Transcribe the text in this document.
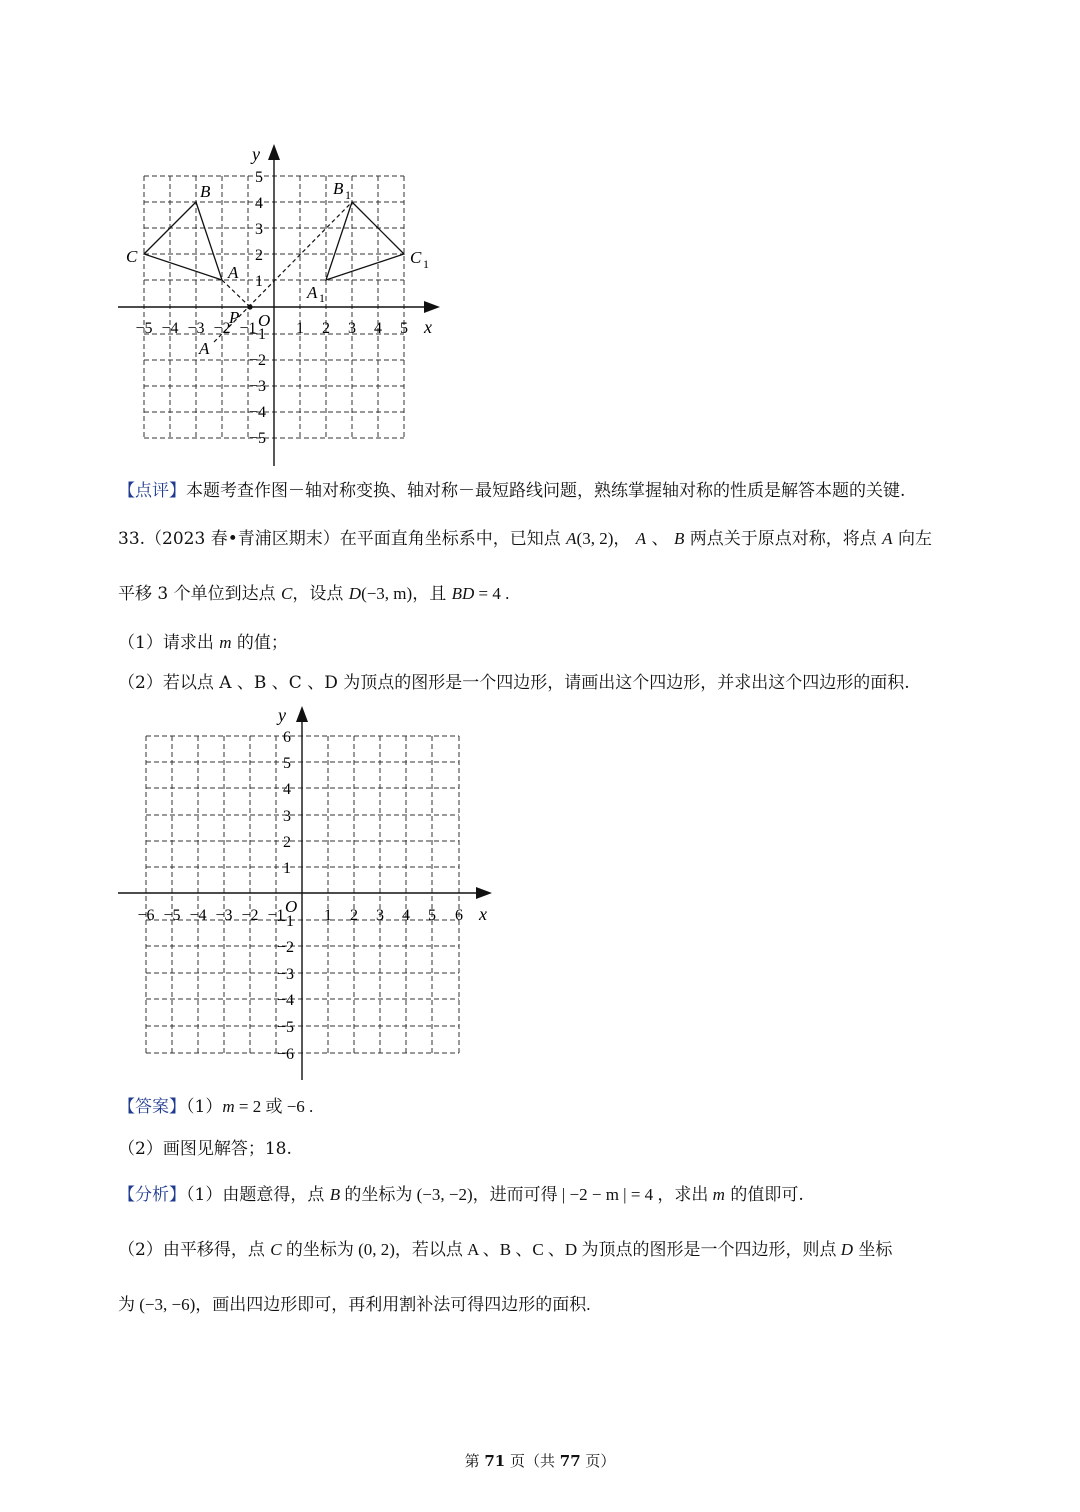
y
x
O
−5 −4 −3 −2 −1 1 2 3 4 5
5
4
3
2
1
−1
−2
−3
−4
−5
B
C
A
B 1
C 1
A 1
P
A
y
x
O
−6 −5 −4 −3 −2 −1 1 2 3 4 5 6
6
5
4
3
2
1
−1
−2
−3
−4
−5
−6
【点评】本题考查作图－轴对称变换、轴对称－最短路线问题，熟练掌握轴对称的性质是解答本题的关键.
33.（2023 春•青浦区期末）在平面直角坐标系中，已知点 A(3, 2)， A 、 B 两点关于原点对称，将点 A 向左
平移 3 个单位到达点 C，设点 D(−3, m)，且 BD = 4 .
（1）请求出 m 的值；
（2）若以点 A 、B 、C 、D 为顶点的图形是一个四边形，请画出这个四边形，并求出这个四边形的面积.
【答案】（1）m = 2 或 −6 .
（2）画图见解答；18.
【分析】（1）由题意得，点 B 的坐标为 (−3, −2)，进而可得 | −2 − m | = 4 ，求出 m 的值即可.
（2）由平移得，点 C 的坐标为 (0, 2)，若以点 A 、B 、C 、D 为顶点的图形是一个四边形，则点 D 坐标
为 (−3, −6)，画出四边形即可，再利用割补法可得四边形的面积.
第 71 页（共 77 页）
